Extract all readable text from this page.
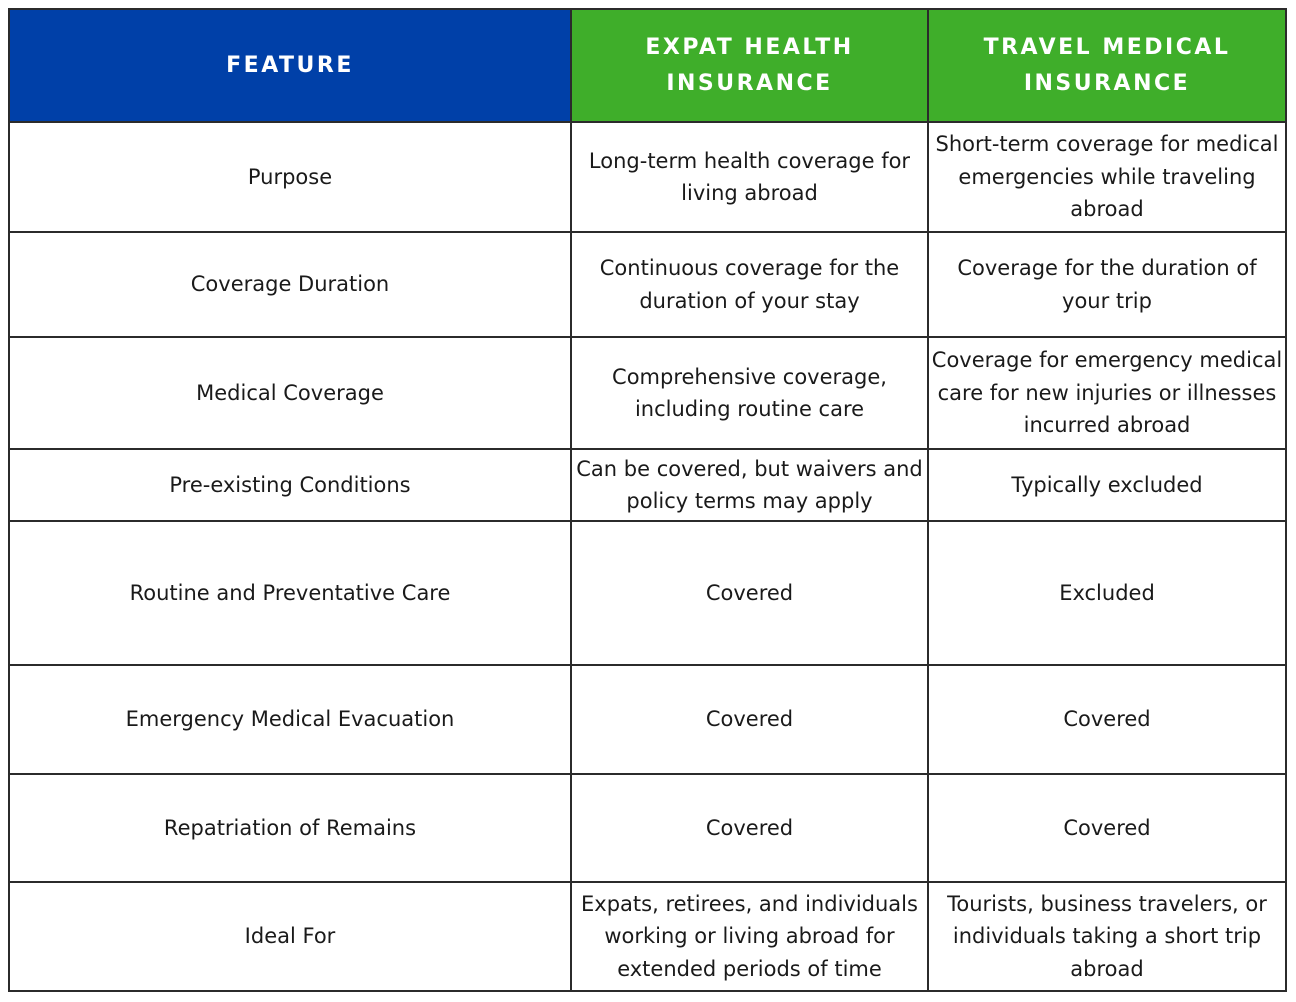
FEATURE	EXPAT HEALTH INSURANCE	TRAVEL MEDICAL INSURANCE
Purpose	Long-term health coverage for living abroad	Short-term coverage for medical emergencies while traveling abroad
Coverage Duration	Continuous coverage for the duration of your stay	Coverage for the duration of your trip
Medical Coverage	Comprehensive coverage, including routine care	Coverage for emergency medical care for new injuries or illnesses incurred abroad
Pre-existing Conditions	Can be covered, but waivers and policy terms may apply	Typically excluded
Routine and Preventative Care	Covered	Excluded
Emergency Medical Evacuation	Covered	Covered
Repatriation of Remains	Covered	Covered
Ideal For	Expats, retirees, and individuals working or living abroad for extended periods of time	Tourists, business travelers, or individuals taking a short trip abroad
